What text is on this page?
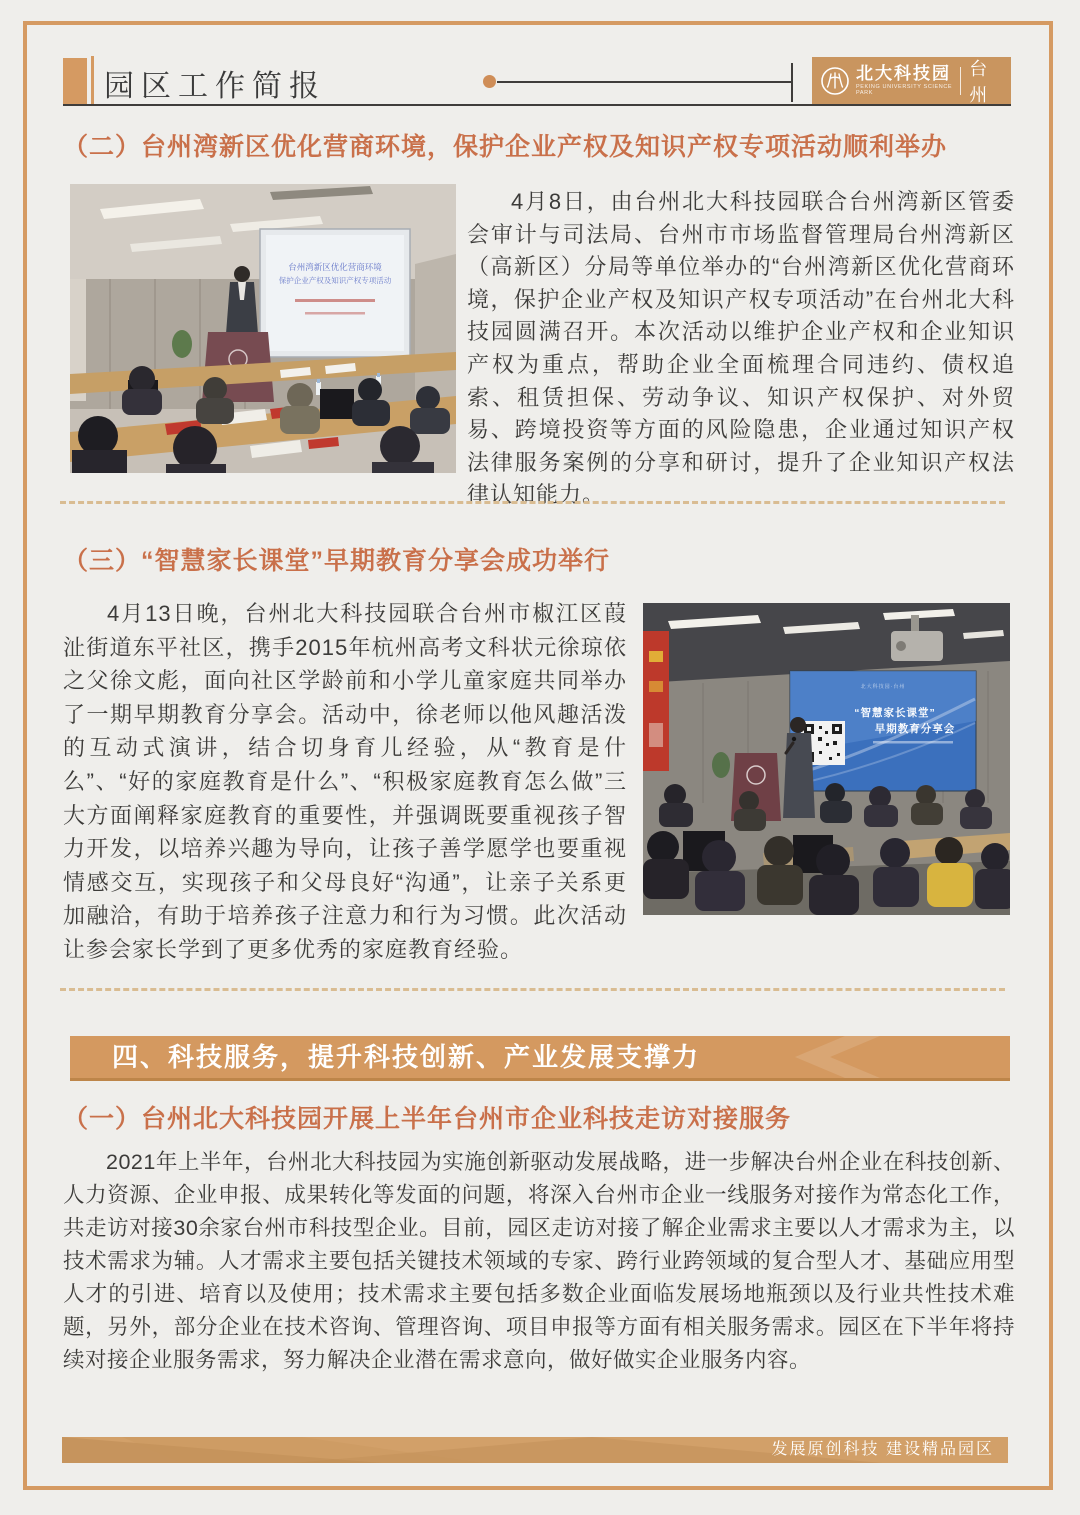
园区工作简报	北大科技园
PEKING UNIVERSITY SCIENCE PARK
台州
（二）台州湾新区优化营商环境，保护企业产权及知识产权专项活动顺利举办
台州湾新区优化营商环境
保护企业产权及知识产权专项活动
4月8日，由台州北大科技园联合台州湾新区管委会审计与司法局、台州市市场监督管理局台州湾新区（高新区）分局等单位举办的“台州湾新区优化营商环境，保护企业产权及知识产权专项活动”在台州北大科技园圆满召开。本次活动以维护企业产权和企业知识产权为重点，帮助企业全面梳理合同违约、债权追索、租赁担保、劳动争议、知识产权保护、对外贸易、跨境投资等方面的风险隐患，企业通过知识产权法律服务案例的分享和研讨，提升了企业知识产权法律认知能力。
（三）“智慧家长课堂”早期教育分享会成功举行
北大科技园·台州
“智慧家长课堂”
早期教育分享会
4月13日晚，台州北大科技园联合台州市椒江区葭沚街道东平社区，携手2015年杭州高考文科状元徐琼依之父徐文彪，面向社区学龄前和小学儿童家庭共同举办了一期早期教育分享会。活动中，徐老师以他风趣活泼的互动式演讲，结合切身育儿经验，从“教育是什么”、“好的家庭教育是什么”、“积极家庭教育怎么做”三大方面阐释家庭教育的重要性，并强调既要重视孩子智力开发，以培养兴趣为导向，让孩子善学愿学也要重视情感交互，实现孩子和父母良好“沟通”，让亲子关系更加融洽，有助于培养孩子注意力和行为习惯。此次活动让参会家长学到了更多优秀的家庭教育经验。
四、科技服务，提升科技创新、产业发展支撑力
（一）台州北大科技园开展上半年台州市企业科技走访对接服务
2021年上半年，台州北大科技园为实施创新驱动发展战略，进一步解决台州企业在科技创新、人力资源、企业申报、成果转化等发面的问题，将深入台州市企业一线服务对接作为常态化工作，共走访对接30余家台州市科技型企业。目前，园区走访对接了解企业需求主要以人才需求为主，以技术需求为辅。人才需求主要包括关键技术领域的专家、跨行业跨领域的复合型人才、基础应用型人才的引进、培育以及使用；技术需求主要包括多数企业面临发展场地瓶颈以及行业共性技术难题，另外，部分企业在技术咨询、管理咨询、项目申报等方面有相关服务需求。园区在下半年将持续对接企业服务需求，努力解决企业潜在需求意向，做好做实企业服务内容。
发展原创科技 建设精品园区
